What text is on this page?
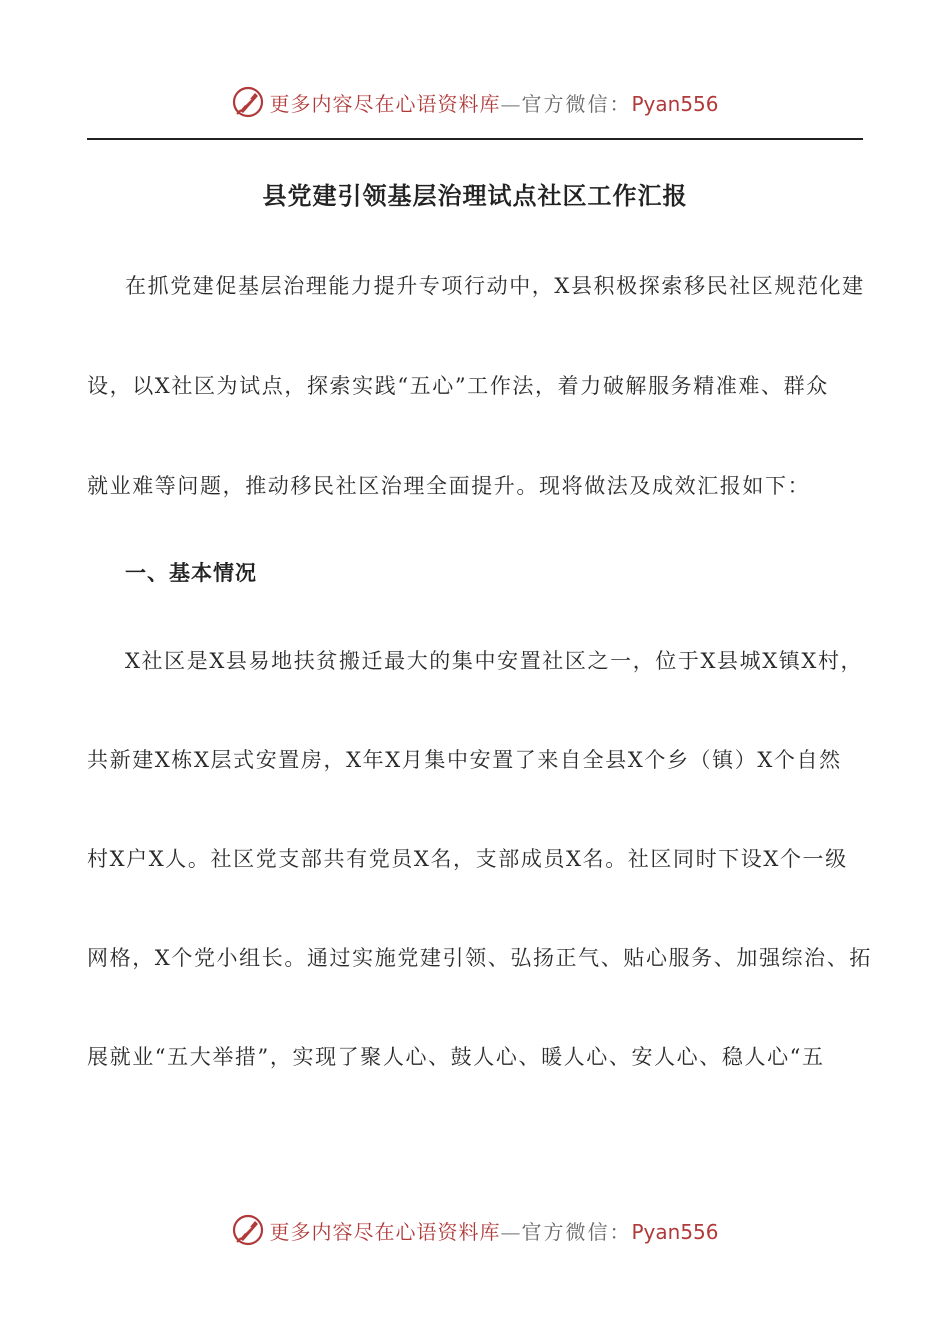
更多内容尽在心语资料库—官方微信：Pyan556
县党建引领基层治理试点社区工作汇报
在抓党建促基层治理能力提升专项行动中，X县积极探索移民社区规范化建
设，以X社区为试点，探索实践“五心”工作法，着力破解服务精准难、群众
就业难等问题，推动移民社区治理全面提升。现将做法及成效汇报如下：
一、基本情况
X社区是X县易地扶贫搬迁最大的集中安置社区之一，位于X县城X镇X村，
共新建X栋X层式安置房，X年X月集中安置了来自全县X个乡（镇）X个自然
村X户X人。社区党支部共有党员X名，支部成员X名。社区同时下设X个一级
网格，X个党小组长。通过实施党建引领、弘扬正气、贴心服务、加强综治、拓
展就业“五大举措”，实现了聚人心、鼓人心、暖人心、安人心、稳人心“五
更多内容尽在心语资料库—官方微信：Pyan556
